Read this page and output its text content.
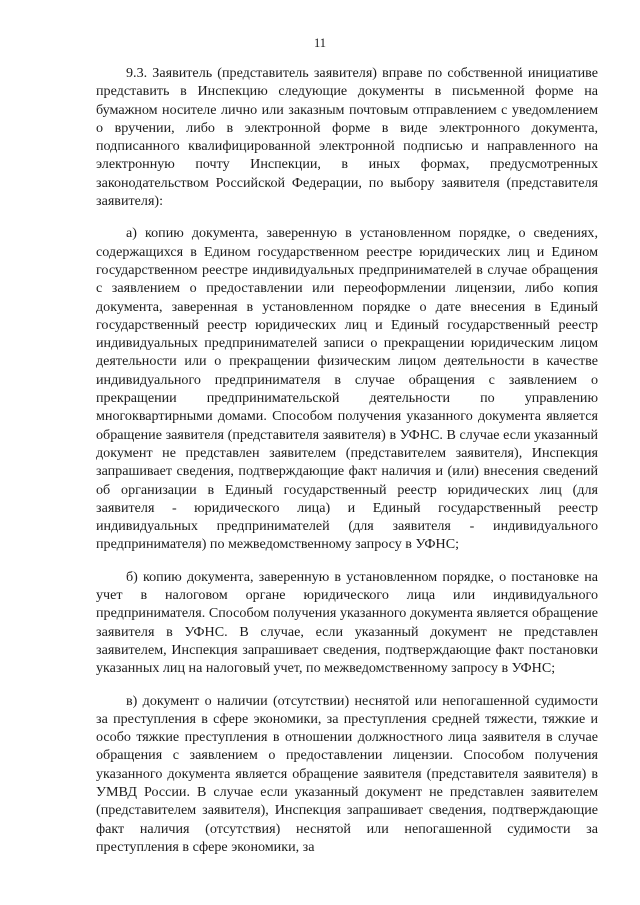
11

9.3. Заявитель (представитель заявителя) вправе по собственной инициативе представить в Инспекцию следующие документы в письменной форме на бумажном носителе лично или заказным почтовым отправлением с уведомлением о вручении, либо в электронной форме в виде электронного документа, подписанного квалифицированной электронной подписью и направленного на электронную почту Инспекции, в иных формах, предусмотренных законодательством Российской Федерации, по выбору заявителя (представителя заявителя):

а) копию документа, заверенную в установленном порядке, о сведениях, содержащихся в Едином государственном реестре юридических лиц и Едином государственном реестре индивидуальных предпринимателей в случае обращения с заявлением о предоставлении или переоформлении лицензии, либо копия документа, заверенная в установленном порядке о дате внесения в Единый государственный реестр юридических лиц и Единый государственный реестр индивидуальных предпринимателей записи о прекращении юридическим лицом деятельности или о прекращении физическим лицом деятельности в качестве индивидуального предпринимателя в случае обращения с заявлением о прекращении предпринимательской деятельности по управлению многоквартирными домами. Способом получения указанного документа является обращение заявителя (представителя заявителя) в УФНС. В случае если указанный документ не представлен заявителем (представителем заявителя), Инспекция запрашивает сведения, подтверждающие факт наличия и (или) внесения сведений об организации в Единый государственный реестр юридических лиц (для заявителя - юридического лица) и Единый государственный реестр индивидуальных предпринимателей (для заявителя - индивидуального предпринимателя) по межведомственному запросу в УФНС;

б) копию документа, заверенную в установленном порядке, о постановке на учет в налоговом органе юридического лица или индивидуального предпринимателя. Способом получения указанного документа является обращение заявителя в УФНС. В случае, если указанный документ не представлен заявителем, Инспекция запрашивает сведения, подтверждающие факт постановки указанных лиц на налоговый учет, по межведомственному запросу в УФНС;

в) документ о наличии (отсутствии) неснятой или непогашенной судимости за преступления в сфере экономики, за преступления средней тяжести, тяжкие и особо тяжкие преступления в отношении должностного лица заявителя в случае обращения с заявлением о предоставлении лицензии. Способом получения указанного документа является обращение заявителя (представителя заявителя) в УМВД России. В случае если указанный документ не представлен заявителем (представителем заявителя), Инспекция запрашивает сведения, подтверждающие факт наличия (отсутствия) неснятой или непогашенной судимости за преступления в сфере экономики, за
